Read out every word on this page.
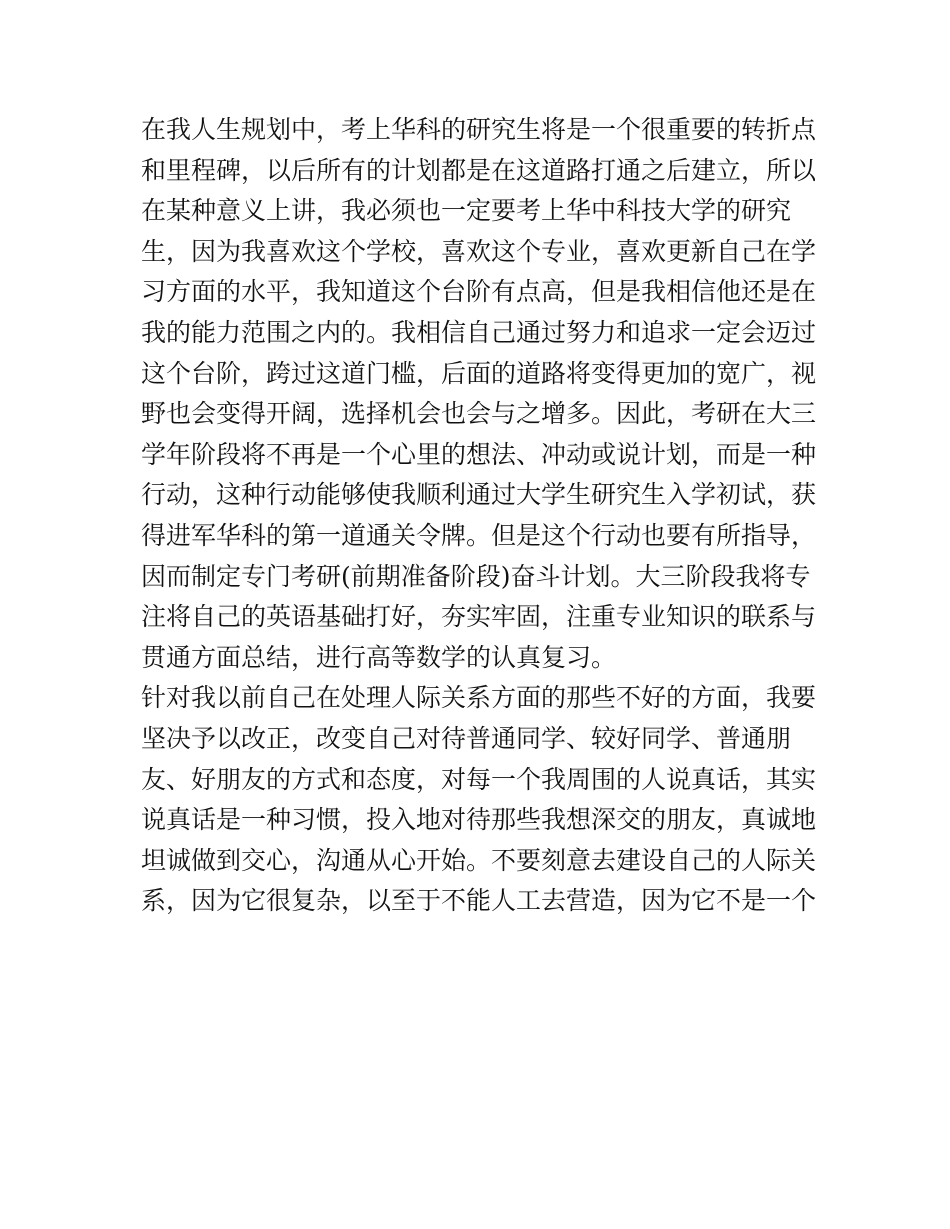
在我人生规划中，考上华科的研究生将是一个很重要的转折点
和里程碑，以后所有的计划都是在这道路打通之后建立，所以
在某种意义上讲，我必须也一定要考上华中科技大学的研究
生，因为我喜欢这个学校，喜欢这个专业，喜欢更新自己在学
习方面的水平，我知道这个台阶有点高，但是我相信他还是在
我的能力范围之内的。我相信自己通过努力和追求一定会迈过
这个台阶，跨过这道门槛，后面的道路将变得更加的宽广，视
野也会变得开阔，选择机会也会与之增多。因此，考研在大三
学年阶段将不再是一个心里的想法、冲动或说计划，而是一种
行动，这种行动能够使我顺利通过大学生研究生入学初试，获
得进军华科的第一道通关令牌。但是这个行动也要有所指导，
因而制定专门考研(前期准备阶段)奋斗计划。大三阶段我将专
注将自己的英语基础打好，夯实牢固，注重专业知识的联系与
贯通方面总结，进行高等数学的认真复习。
针对我以前自己在处理人际关系方面的那些不好的方面，我要
坚决予以改正，改变自己对待普通同学、较好同学、普通朋
友、好朋友的方式和态度，对每一个我周围的人说真话，其实
说真话是一种习惯，投入地对待那些我想深交的朋友，真诚地
坦诚做到交心，沟通从心开始。不要刻意去建设自己的人际关
系，因为它很复杂，以至于不能人工去营造，因为它不是一个
